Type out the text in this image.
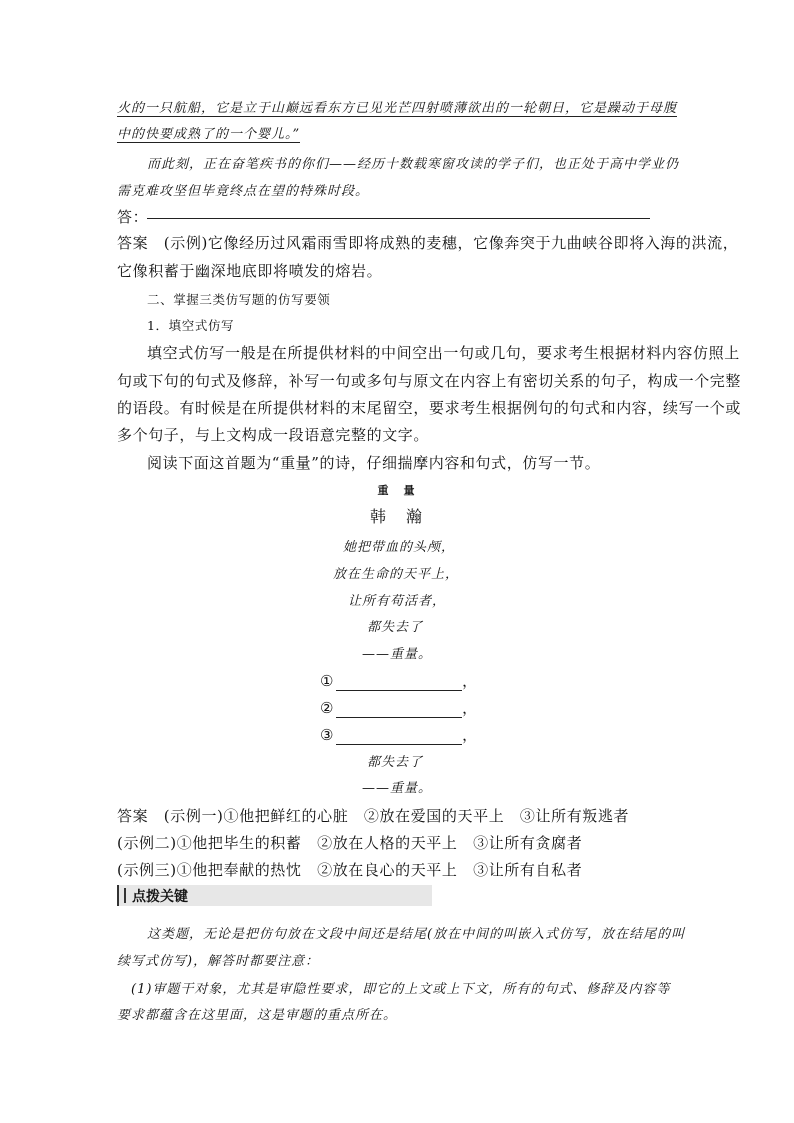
火的一只航船，它是立于山巅远看东方已见光芒四射喷薄欲出的一轮朝日，它是躁动于母腹
中的快要成熟了的一个婴儿。”
而此刻，正在奋笔疾书的你们——经历十数载寒窗攻读的学子们，也正处于高中学业仍
需克难攻坚但毕竟终点在望的特殊时段。
答：
答案　(示例)它像经历过风霜雨雪即将成熟的麦穗，它像奔突于九曲峡谷即将入海的洪流，
它像积蓄于幽深地底即将喷发的熔岩。
二、掌握三类仿写题的仿写要领
1．填空式仿写
填空式仿写一般是在所提供材料的中间空出一句或几句，要求考生根据材料内容仿照上
句或下句的句式及修辞，补写一句或多句与原文在内容上有密切关系的句子，构成一个完整
的语段。有时候是在所提供材料的末尾留空，要求考生根据例句的句式和内容，续写一个或
多个句子，与上文构成一段语意完整的文字。
阅读下面这首题为“重量”的诗，仔细揣摩内容和句式，仿写一节。
重　量
韩　瀚
她把带血的头颅，
放在生命的天平上，
让所有苟活者，
都失去了
——重量。
①	，
②	，
③	，
都失去了
——重量。
答案　(示例一)①他把鲜红的心脏　②放在爱国的天平上　③让所有叛逃者
(示例二)①他把毕生的积蓄　②放在人格的天平上　③让所有贪腐者
(示例三)①他把奉献的热忱　②放在良心的天平上　③让所有自私者
点拨关键
这类题，无论是把仿句放在文段中间还是结尾(放在中间的叫嵌入式仿写，放在结尾的叫
续写式仿写)，解答时都要注意：
(1)审题干对象，尤其是审隐性要求，即它的上文或上下文，所有的句式、修辞及内容等
要求都蕴含在这里面，这是审题的重点所在。
